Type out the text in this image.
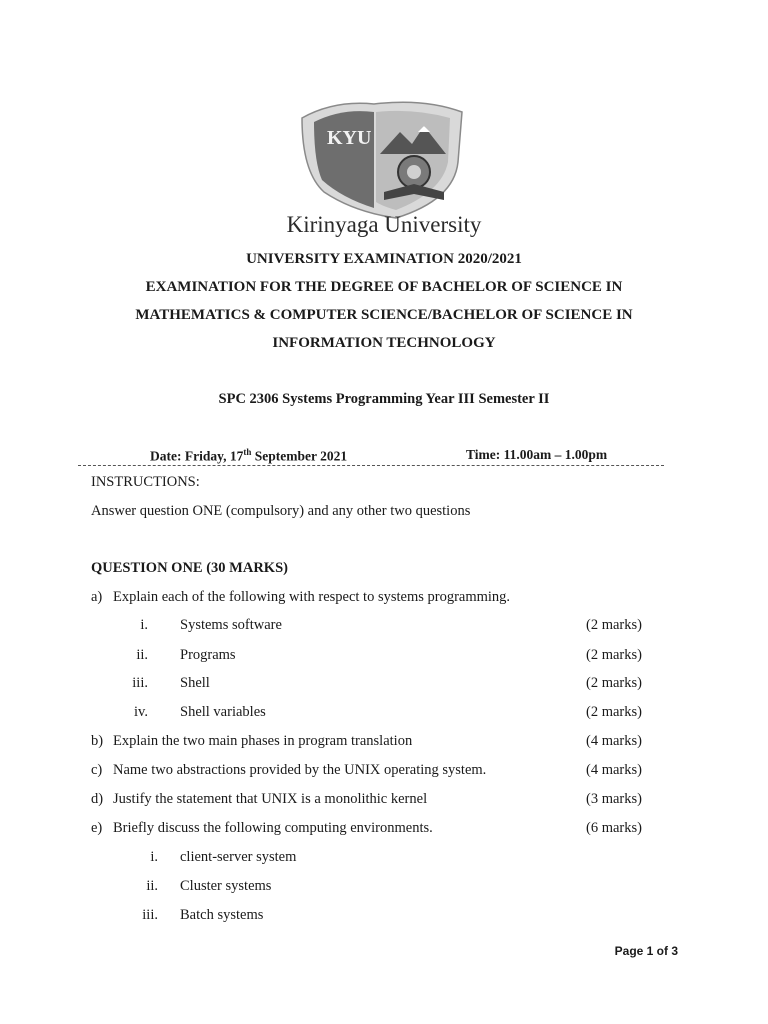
KYU
Kirinyaga University
UNIVERSITY EXAMINATION 2020/2021
EXAMINATION FOR THE DEGREE OF BACHELOR OF SCIENCE IN
MATHEMATICS & COMPUTER SCIENCE/BACHELOR OF SCIENCE IN
INFORMATION TECHNOLOGY
SPC 2306 Systems Programming Year III Semester II
Date: Friday, 17th September 2021	Time: 11.00am – 1.00pm
INSTRUCTIONS:
Answer question ONE (compulsory) and any other two questions
QUESTION ONE (30 MARKS)
a) Explain each of the following with respect to systems programming.
i. Systems software	(2 marks)
ii. Programs	(2 marks)
iii. Shell	(2 marks)
iv. Shell variables	(2 marks)
b) Explain the two main phases in program translation	(4 marks)
c) Name two abstractions provided by the UNIX operating system.	(4 marks)
d) Justify the statement that UNIX is a monolithic kernel	(3 marks)
e) Briefly discuss the following computing environments.	(6 marks)
i. client-server system
ii. Cluster systems
iii. Batch systems
Page 1 of 3
